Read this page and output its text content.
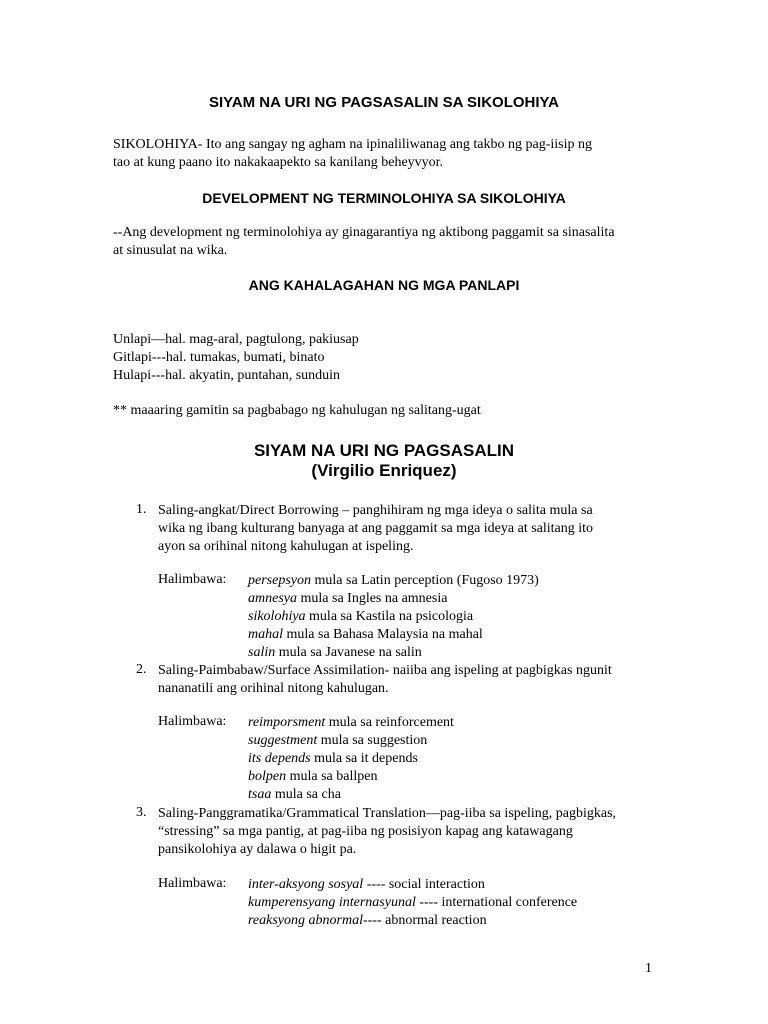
SIYAM NA URI NG PAGSASALIN SA SIKOLOHIYA
SIKOLOHIYA- Ito ang sangay ng agham na ipinaliliwanag ang takbo ng pag-iisip ng
tao at kung paano ito nakakaapekto sa kanilang beheyvyor.
DEVELOPMENT NG TERMINOLOHIYA SA SIKOLOHIYA
--Ang development ng terminolohiya ay ginagarantiya ng aktibong paggamit sa sinasalita
at sinusulat na wika.
ANG KAHALAGAHAN NG MGA PANLAPI
Unlapi—hal. mag-aral, pagtulong, pakiusap
Gitlapi---hal. tumakas, bumati, binato
Hulapi---hal. akyatin, puntahan, sunduin
** maaaring gamitin sa pagbabago ng kahulugan ng salitang-ugat
SIYAM NA URI NG PAGSASALIN
(Virgilio Enriquez)
1. Saling-angkat/Direct Borrowing – panghihiram ng mga ideya o salita mula sa
wika ng ibang kulturang banyaga at ang paggamit sa mga ideya at salitang ito
ayon sa orihinal nitong kahulugan at ispeling.
Halimbawa: persepsyon mula sa Latin perception (Fugoso 1973)
amnesya mula sa Ingles na amnesia
sikolohiya mula sa Kastila na psicologia
mahal mula sa Bahasa Malaysia na mahal
salin mula sa Javanese na salin
2. Saling-Paimbabaw/Surface Assimilation- naiiba ang ispeling at pagbigkas ngunit
nananatili ang orihinal nitong kahulugan.
Halimbawa: reimporsment mula sa reinforcement
suggestment mula sa suggestion
its depends mula sa it depends
bolpen mula sa ballpen
tsaa mula sa cha
3. Saling-Panggramatika/Grammatical Translation—pag-iiba sa ispeling, pagbigkas,
“stressing” sa mga pantig, at pag-iiba ng posisiyon kapag ang katawagang
pansikolohiya ay dalawa o higit pa.
Halimbawa: inter-aksyong sosyal ---- social interaction
kumperensyang internasyunal ---- international conference
reaksyong abnormal---- abnormal reaction
1
